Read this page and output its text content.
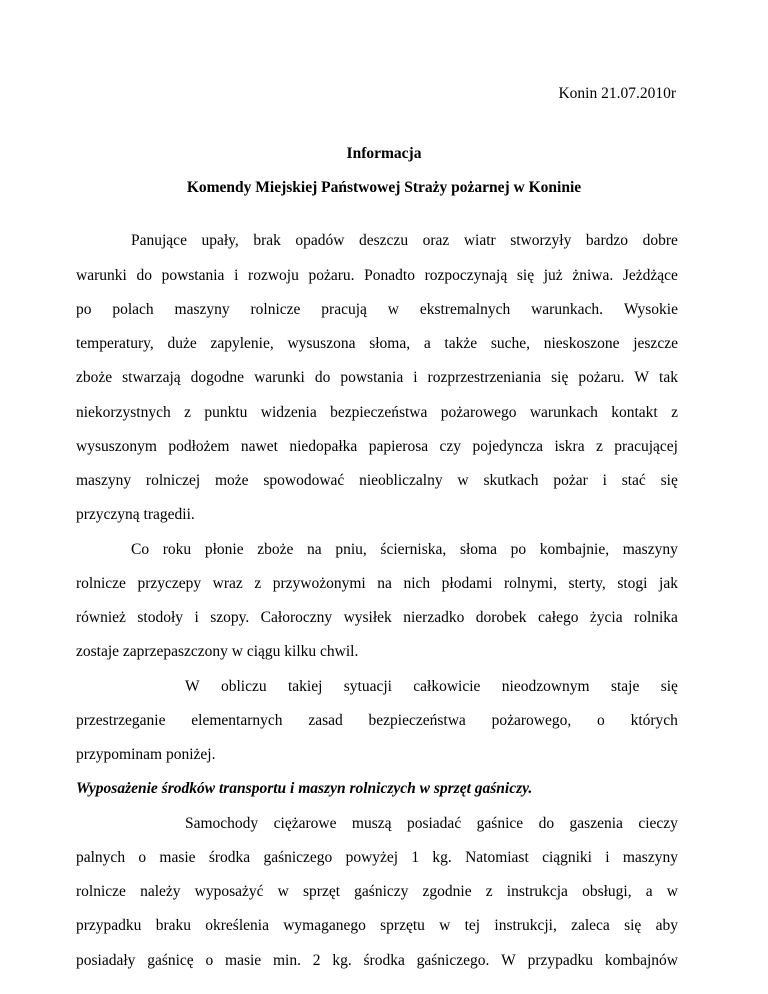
Konin 21.07.2010r
Informacja
Komendy Miejskiej Państwowej Straży pożarnej w Koninie
Panujące upały, brak opadów deszczu oraz wiatr stworzyły bardzo dobre
warunki do powstania i rozwoju pożaru. Ponadto rozpoczynają się już żniwa. Jeżdżące
po polach maszyny rolnicze pracują w ekstremalnych warunkach. Wysokie
temperatury, duże zapylenie, wysuszona słoma, a także suche, nieskoszone jeszcze
zboże stwarzają dogodne warunki do powstania i rozprzestrzeniania się pożaru. W tak
niekorzystnych z punktu widzenia bezpieczeństwa pożarowego warunkach kontakt z
wysuszonym podłożem nawet niedopałka papierosa czy pojedyncza iskra z pracującej
maszyny rolniczej może spowodować nieobliczalny w skutkach pożar i stać się
przyczyną tragedii.
Co roku płonie zboże na pniu, ścierniska, słoma po kombajnie, maszyny
rolnicze przyczepy wraz z przywożonymi na nich płodami rolnymi, sterty, stogi jak
również stodoły i szopy. Całoroczny wysiłek nierzadko dorobek całego życia rolnika
zostaje zaprzepaszczony w ciągu kilku chwil.
W obliczu takiej sytuacji całkowicie nieodzownym staje się
przestrzeganie elementarnych zasad bezpieczeństwa pożarowego, o których
przypominam poniżej.
Wyposażenie środków transportu i maszyn rolniczych w sprzęt gaśniczy.
Samochody ciężarowe muszą posiadać gaśnice do gaszenia cieczy
palnych o masie środka gaśniczego powyżej 1 kg. Natomiast ciągniki i maszyny
rolnicze należy wyposażyć w sprzęt gaśniczy zgodnie z instrukcja obsługi, a w
przypadku braku określenia wymaganego sprzętu w tej instrukcji, zaleca się aby
posiadały gaśnicę o masie min. 2 kg. środka gaśniczego. W przypadku kombajnów
